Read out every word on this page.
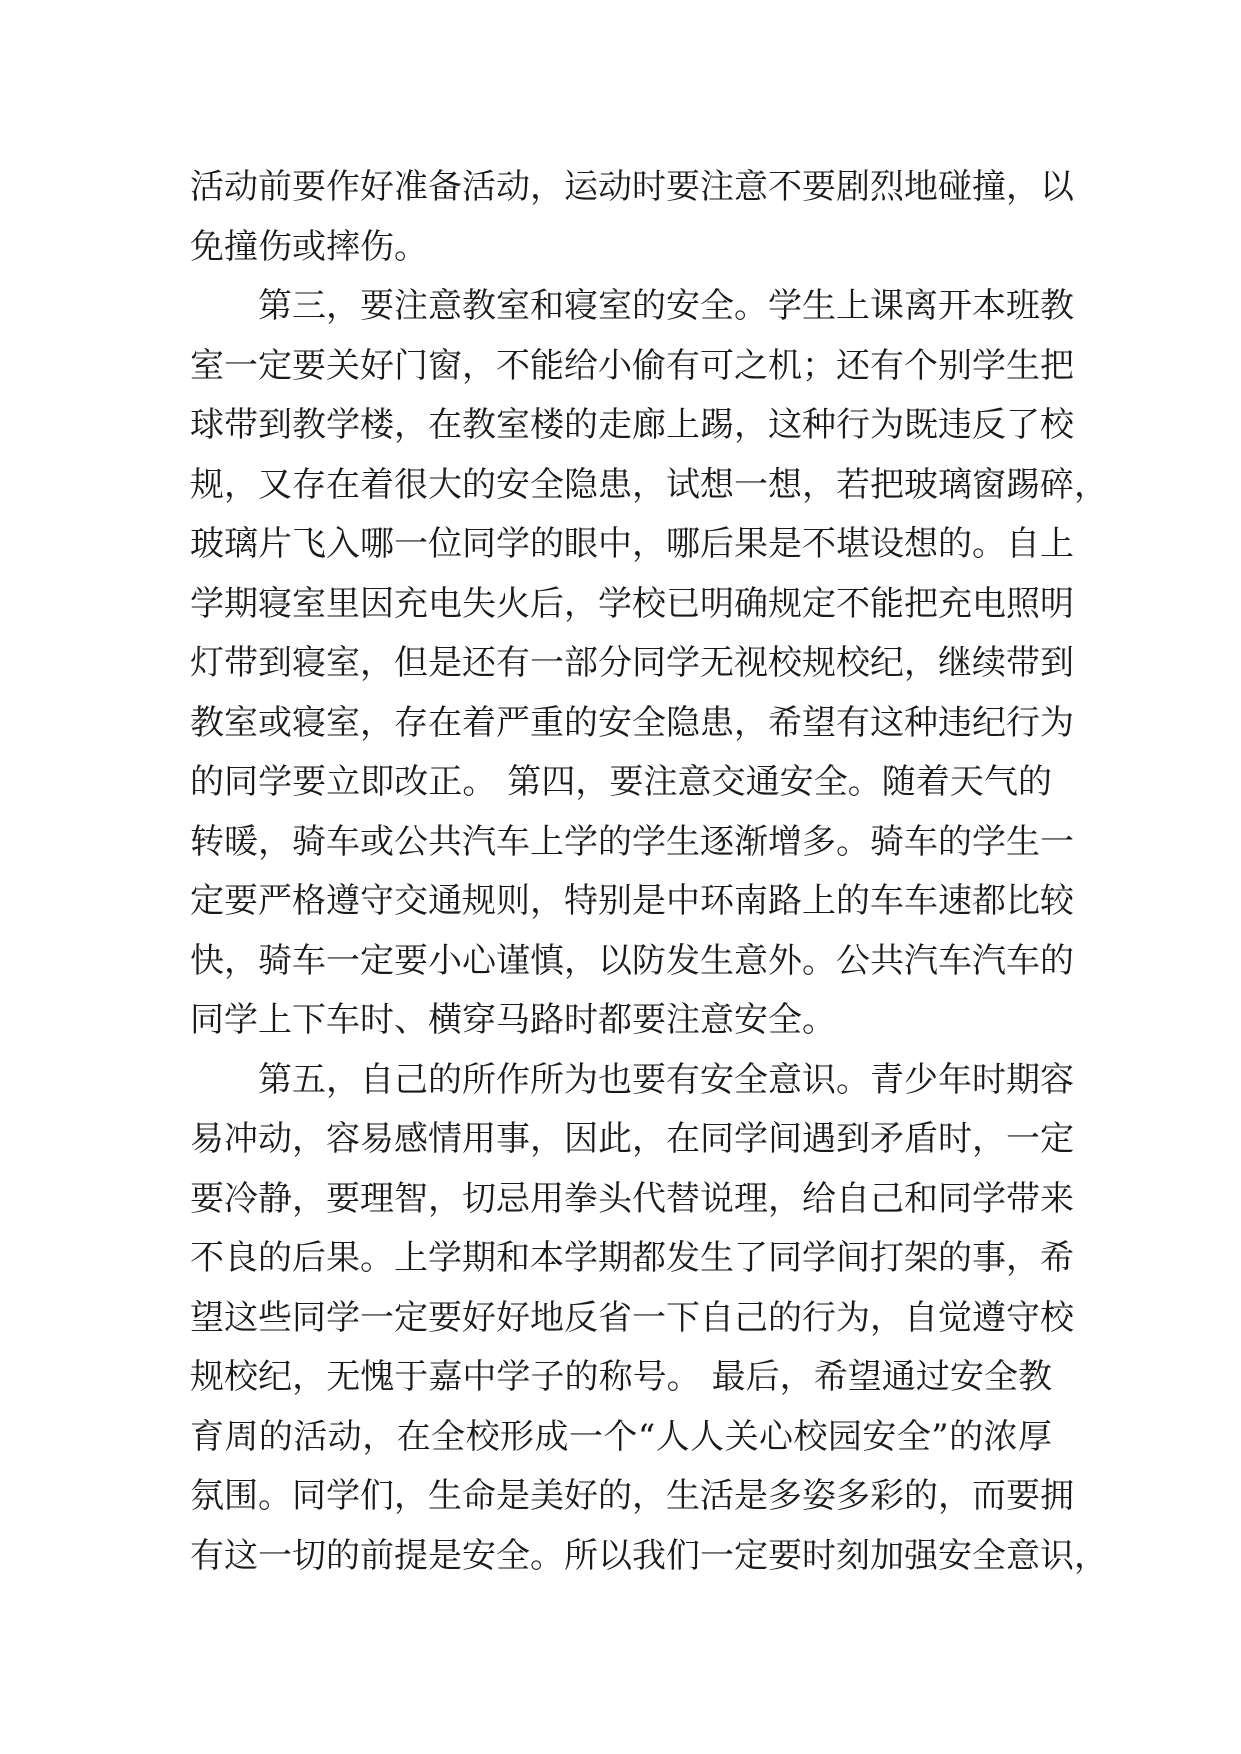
活动前要作好准备活动，运动时要注意不要剧烈地碰撞，以
免撞伤或摔伤。
第三，要注意教室和寝室的安全。学生上课离开本班教
室一定要关好门窗，不能给小偷有可之机；还有个别学生把
球带到教学楼，在教室楼的走廊上踢，这种行为既违反了校
规，又存在着很大的安全隐患，试想一想，若把玻璃窗踢碎，
玻璃片飞入哪一位同学的眼中，哪后果是不堪设想的。自上
学期寝室里因充电失火后，学校已明确规定不能把充电照明
灯带到寝室，但是还有一部分同学无视校规校纪，继续带到
教室或寝室，存在着严重的安全隐患，希望有这种违纪行为
的同学要立即改正。 第四，要注意交通安全。随着天气的
转暖，骑车或公共汽车上学的学生逐渐增多。骑车的学生一
定要严格遵守交通规则，特别是中环南路上的车车速都比较
快，骑车一定要小心谨慎，以防发生意外。公共汽车汽车的
同学上下车时、横穿马路时都要注意安全。
第五，自己的所作所为也要有安全意识。青少年时期容
易冲动，容易感情用事，因此，在同学间遇到矛盾时，一定
要冷静，要理智，切忌用拳头代替说理，给自己和同学带来
不良的后果。上学期和本学期都发生了同学间打架的事，希
望这些同学一定要好好地反省一下自己的行为，自觉遵守校
规校纪，无愧于嘉中学子的称号。 最后，希望通过安全教
育周的活动，在全校形成一个“人人关心校园安全”的浓厚
氛围。同学们，生命是美好的，生活是多姿多彩的，而要拥
有这一切的前提是安全。所以我们一定要时刻加强安全意识，
